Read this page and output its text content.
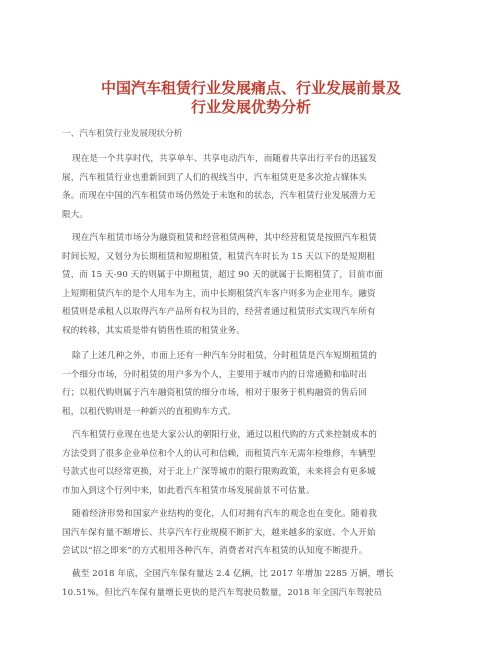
中国汽车租赁行业发展痛点、行业发展前景及
行业发展优势分析
一、汽车租赁行业发展现状分析
现在是一个共享时代，共享单车、共享电动汽车，而随着共享出行平台的迅猛发
展，汽车租赁行业也重新回到了人们的视线当中，汽车租赁更是多次抢占媒体头
条。而现在中国的汽车租赁市场仍然处于未饱和的状态，汽车租赁行业发展潜力无
限大。
现在汽车租赁市场分为融资租赁和经营租赁两种，其中经营租赁是按照汽车租赁
时间长短，又划分为长期租赁和短期租赁，租赁汽车时长为 15 天以下的是短期租
赁，而 15 天-90 天的则属于中期租赁，超过 90 天的就属于长期租赁了，目前市面
上短期租赁汽车的是个人用车为主，而中长期租赁汽车客户则多为企业用车。融资
租赁则是承租人以取得汽车产品所有权为目的，经营者通过租赁形式实现汽车所有
权的转移，其实质是带有销售性质的租赁业务。
除了上述几种之外，市面上还有一种汽车分时租赁，分时租赁是汽车短期租赁的
一个细分市场，分时租赁的用户多为个人，主要用于城市内的日常通勤和临时出
行；以租代购则属于汽车融资租赁的细分市场，相对于服务于机构融资的售后回
租，以租代购则是一种新兴的直租购车方式。
汽车租赁行业现在也是大家公认的朝阳行业，通过以租代购的方式来控制成本的
方法受到了很多企业单位和个人的认可和信赖，而租赁汽车无需年检维修，车辆型
号款式也可以经常更换，对于北上广深等城市的限行限购政策，未来将会有更多城
市加入到这个行列中来，如此看汽车租赁市场发展前景不可估量。
随着经济形势和国家产业结构的变化，人们对拥有汽车的观念也在变化。随着我
国汽车保有量不断增长、共享汽车行业规模不断扩大，越来越多的家庭、个人开始
尝试以“招之即来”的方式租用各种汽车，消费者对汽车租赁的认知度不断提升。
截至 2018 年底，全国汽车保有量达 2.4 亿辆，比 2017 年增加 2285 万辆，增长
10.51%。但比汽车保有量增长更快的是汽车驾驶员数量，2018 年全国汽车驾驶员
